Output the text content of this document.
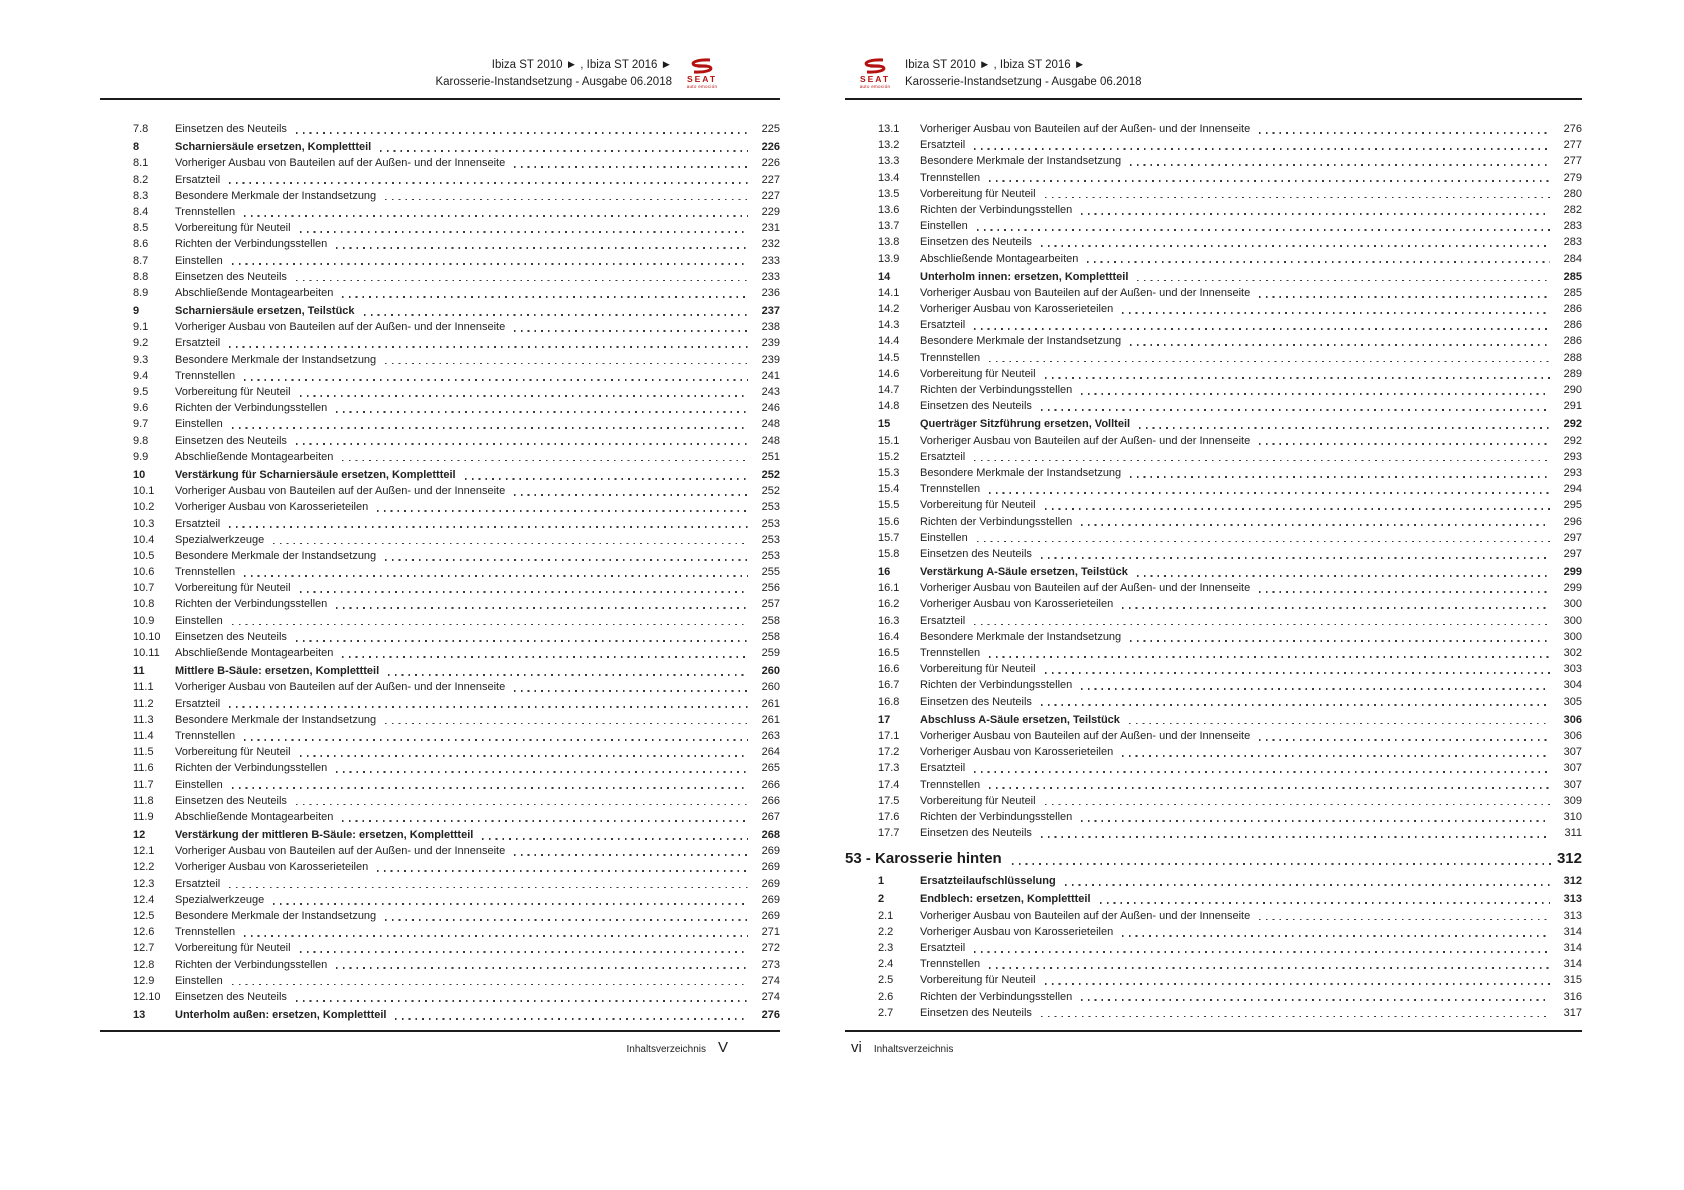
Ibiza ST 2010 ► , Ibiza ST 2016 ►
Karosserie-Instandsetzung - Ausgabe 06.2018	SEAT
auto emoción
7.8	Einsetzen des Neuteils	225
8	Scharniersäule ersetzen, Komplettteil	226
8.1	Vorheriger Ausbau von Bauteilen auf der Außen- und der Innenseite	226
8.2	Ersatzteil	227
8.3	Besondere Merkmale der Instandsetzung	227
8.4	Trennstellen	229
8.5	Vorbereitung für Neuteil	231
8.6	Richten der Verbindungsstellen	232
8.7	Einstellen	233
8.8	Einsetzen des Neuteils	233
8.9	Abschließende Montagearbeiten	236
9	Scharniersäule ersetzen, Teilstück	237
9.1	Vorheriger Ausbau von Bauteilen auf der Außen- und der Innenseite	238
9.2	Ersatzteil	239
9.3	Besondere Merkmale der Instandsetzung	239
9.4	Trennstellen	241
9.5	Vorbereitung für Neuteil	243
9.6	Richten der Verbindungsstellen	246
9.7	Einstellen	248
9.8	Einsetzen des Neuteils	248
9.9	Abschließende Montagearbeiten	251
10	Verstärkung für Scharniersäule ersetzen, Komplettteil	252
10.1	Vorheriger Ausbau von Bauteilen auf der Außen- und der Innenseite	252
10.2	Vorheriger Ausbau von Karosserieteilen	253
10.3	Ersatzteil	253
10.4	Spezialwerkzeuge	253
10.5	Besondere Merkmale der Instandsetzung	253
10.6	Trennstellen	255
10.7	Vorbereitung für Neuteil	256
10.8	Richten der Verbindungsstellen	257
10.9	Einstellen	258
10.10	Einsetzen des Neuteils	258
10.11	Abschließende Montagearbeiten	259
11	Mittlere B-Säule: ersetzen, Komplettteil	260
11.1	Vorheriger Ausbau von Bauteilen auf der Außen- und der Innenseite	260
11.2	Ersatzteil	261
11.3	Besondere Merkmale der Instandsetzung	261
11.4	Trennstellen	263
11.5	Vorbereitung für Neuteil	264
11.6	Richten der Verbindungsstellen	265
11.7	Einstellen	266
11.8	Einsetzen des Neuteils	266
11.9	Abschließende Montagearbeiten	267
12	Verstärkung der mittleren B-Säule: ersetzen, Komplettteil	268
12.1	Vorheriger Ausbau von Bauteilen auf der Außen- und der Innenseite	269
12.2	Vorheriger Ausbau von Karosserieteilen	269
12.3	Ersatzteil	269
12.4	Spezialwerkzeuge	269
12.5	Besondere Merkmale der Instandsetzung	269
12.6	Trennstellen	271
12.7	Vorbereitung für Neuteil	272
12.8	Richten der Verbindungsstellen	273
12.9	Einstellen	274
12.10	Einsetzen des Neuteils	274
13	Unterholm außen: ersetzen, Komplettteil	276
Inhaltsverzeichnis V
SEAT
auto emoción
Ibiza ST 2010 ► , Ibiza ST 2016 ►
Karosserie-Instandsetzung - Ausgabe 06.2018
13.1	Vorheriger Ausbau von Bauteilen auf der Außen- und der Innenseite	276
13.2	Ersatzteil	277
13.3	Besondere Merkmale der Instandsetzung	277
13.4	Trennstellen	279
13.5	Vorbereitung für Neuteil	280
13.6	Richten der Verbindungsstellen	282
13.7	Einstellen	283
13.8	Einsetzen des Neuteils	283
13.9	Abschließende Montagearbeiten	284
14	Unterholm innen: ersetzen, Komplettteil	285
14.1	Vorheriger Ausbau von Bauteilen auf der Außen- und der Innenseite	285
14.2	Vorheriger Ausbau von Karosserieteilen	286
14.3	Ersatzteil	286
14.4	Besondere Merkmale der Instandsetzung	286
14.5	Trennstellen	288
14.6	Vorbereitung für Neuteil	289
14.7	Richten der Verbindungsstellen	290
14.8	Einsetzen des Neuteils	291
15	Querträger Sitzführung ersetzen, Vollteil	292
15.1	Vorheriger Ausbau von Bauteilen auf der Außen- und der Innenseite	292
15.2	Ersatzteil	293
15.3	Besondere Merkmale der Instandsetzung	293
15.4	Trennstellen	294
15.5	Vorbereitung für Neuteil	295
15.6	Richten der Verbindungsstellen	296
15.7	Einstellen	297
15.8	Einsetzen des Neuteils	297
16	Verstärkung A-Säule ersetzen, Teilstück	299
16.1	Vorheriger Ausbau von Bauteilen auf der Außen- und der Innenseite	299
16.2	Vorheriger Ausbau von Karosserieteilen	300
16.3	Ersatzteil	300
16.4	Besondere Merkmale der Instandsetzung	300
16.5	Trennstellen	302
16.6	Vorbereitung für Neuteil	303
16.7	Richten der Verbindungsstellen	304
16.8	Einsetzen des Neuteils	305
17	Abschluss A-Säule ersetzen, Teilstück	306
17.1	Vorheriger Ausbau von Bauteilen auf der Außen- und der Innenseite	306
17.2	Vorheriger Ausbau von Karosserieteilen	307
17.3	Ersatzteil	307
17.4	Trennstellen	307
17.5	Vorbereitung für Neuteil	309
17.6	Richten der Verbindungsstellen	310
17.7	Einsetzen des Neuteils	311
53 - Karosserie hinten	312
1	Ersatzteilaufschlüsselung	312
2	Endblech: ersetzen, Komplettteil	313
2.1	Vorheriger Ausbau von Bauteilen auf der Außen- und der Innenseite	313
2.2	Vorheriger Ausbau von Karosserieteilen	314
2.3	Ersatzteil	314
2.4	Trennstellen	314
2.5	Vorbereitung für Neuteil	315
2.6	Richten der Verbindungsstellen	316
2.7	Einsetzen des Neuteils	317
vi Inhaltsverzeichnis
